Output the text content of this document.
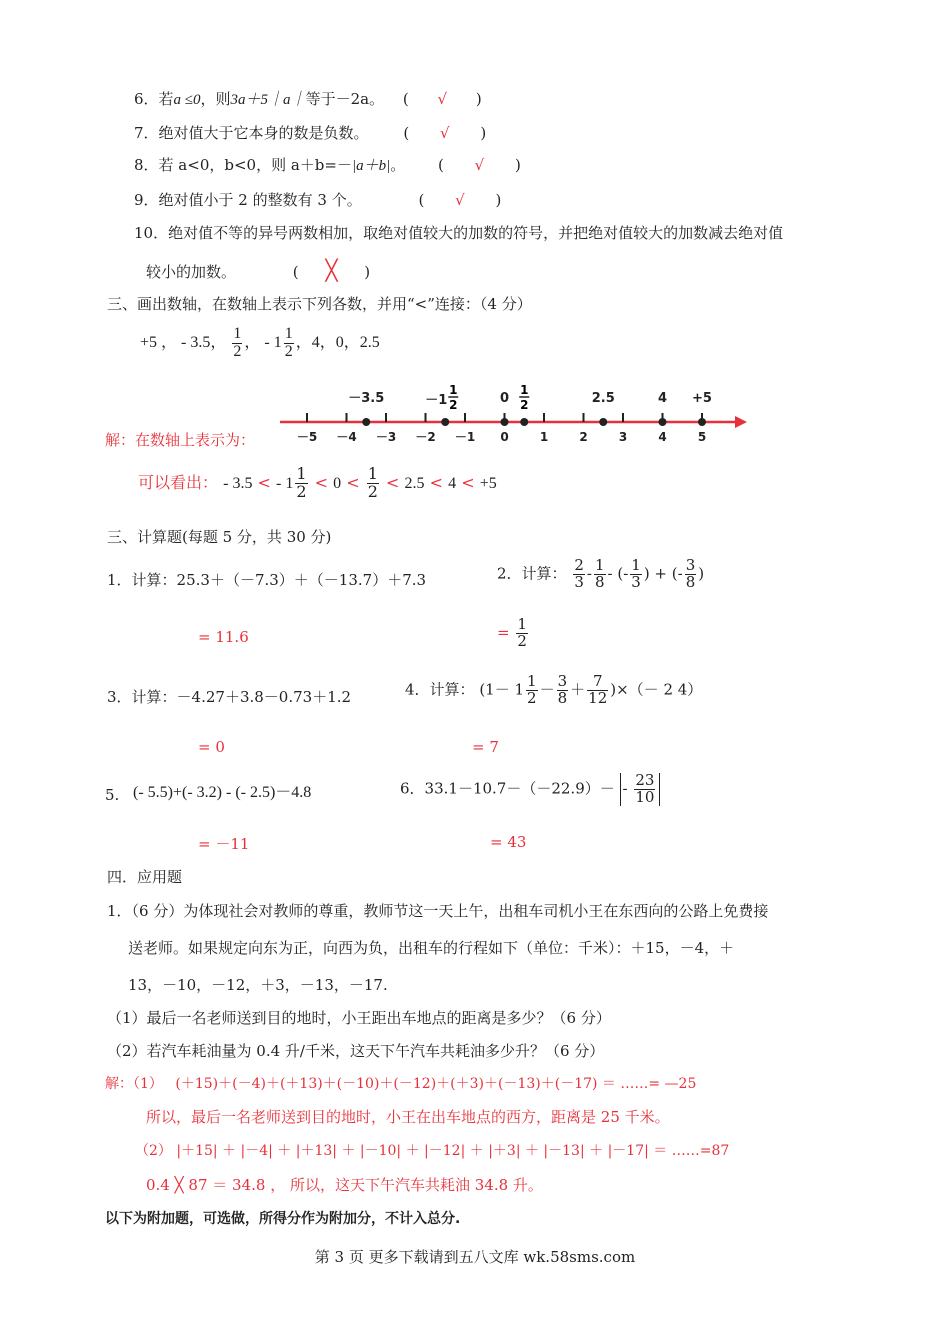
6．若a ≤0，则3a＋5｜a｜等于－2a。 ( √ )
7．绝对值大于它本身的数是负数。 ( √ )
8．若 a<0，b<0，则 a＋b=－|a＋b|。 ( √ )
9．绝对值小于 2 的整数有 3 个。	( √ )
10．绝对值不等的异号两数相加，取绝对值较大的加数的符号，并把绝对值较大的加数减去绝对值
较小的加数。	( ╳ )
三、画出数轴，在数轴上表示下列各数，并用“<”连接：（4 分）
+5 ， - 3.5， $\frac{1}{2}$ ， - $1 \frac{1}{2}$ ，4，0，2.5
解：在数轴上表示为：	－5 －4 －3 －2 －1 0	1	2	3	4	5
－3.5	－1
1
2	0
1
2	2.5	4 +5
可以看出： - 3.5 < - $1 \frac{1}{2} < 0 < \frac{1}{2} < 2.5 < 4 < +5$
三、计算题(每题 5 分，共 30 分)
1．计算：25.3＋（－7.3）＋（－13.7）＋7.3	2．计算： $\frac{2}{3} - \frac{1}{8}$ - (- $\frac{1}{3}$ ) + (- $\frac{3}{8}$ )
= 11.6	= $\frac{1}{2}$
3．计算：－4.27＋3.8－0.73＋1.2	4．计算： ($1- 1 \frac{1}{2} - \frac{3}{8} + \frac{7}{12}$ )×（－ 2 4）
= 0	= 7
5. (- 5.5)+(- 3.2) - (- 2.5)－4.8	6．$33.1-10.7-(-22.9)- - \frac{23}{10}$
= －11	= 43
四．应用题
1．（6 分）为体现社会对教师的尊重，教师节这一天上午，出租车司机小王在东西向的公路上免费接
送老师。如果规定向东为正，向西为负，出租车的行程如下（单位：千米）：＋15，－4，＋
13，－10，－12，＋3，－13，－17.
（1）最后一名老师送到目的地时，小王距出车地点的距离是多少？（6 分）
（2）若汽车耗油量为 0.4 升/千米，这天下午汽车共耗油多少升？（6 分）
解：（1） (＋15)＋(－4)＋(＋13)＋(－10)＋(－12)＋(＋3)＋(－13)＋(－17) ＝ ……= —25
所以，最后一名老师送到目的地时，小王在出车地点的西方，距离是 25 千米。
（2） |＋15| ＋ |－4| ＋ |＋13| ＋ |－10| ＋ |－12| ＋ |＋3| ＋ |－13| ＋ |－17| ＝ ……=87
0.4 ╳ 87 ＝ 34.8 ， 所以，这天下午汽车共耗油 34.8 升。
以下为附加题，可选做，所得分作为附加分，不计入总分.
第 3 页 更多下载请到五八文库 wk.58sms.com
